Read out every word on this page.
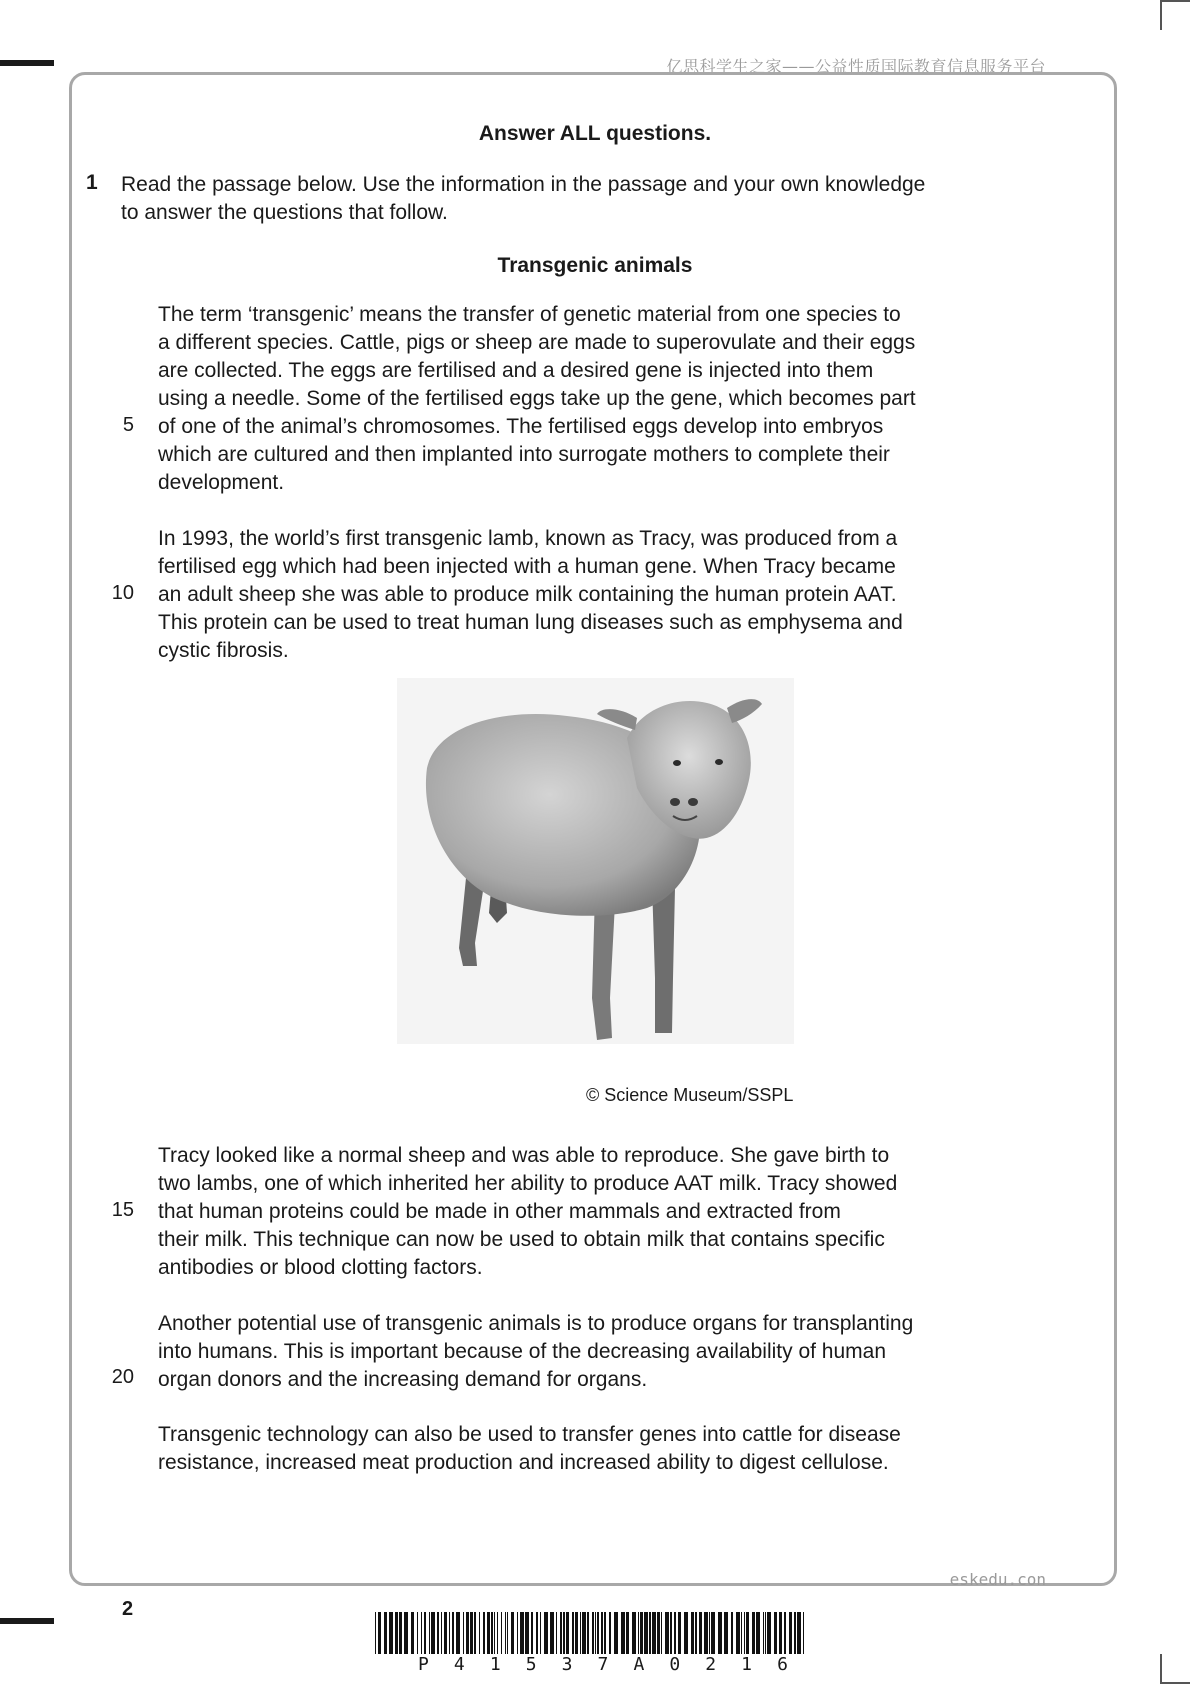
亿思科学生之家——公益性质国际教育信息服务平台
Answer ALL questions.
1 Read the passage below. Use the information in the passage and your own knowledge
to answer the questions that follow.
Transgenic animals
The term ‘transgenic’ means the transfer of genetic material from one species to
a different species. Cattle, pigs or sheep are made to superovulate and their eggs
are collected. The eggs are fertilised and a desired gene is injected into them
using a needle. Some of the fertilised eggs take up the gene, which becomes part
of one of the animal’s chromosomes. The fertilised eggs develop into embryos
which are cultured and then implanted into surrogate mothers to complete their
development.
5
In 1993, the world’s first transgenic lamb, known as Tracy, was produced from a
fertilised egg which had been injected with a human gene. When Tracy became
an adult sheep she was able to produce milk containing the human protein AAT.
This protein can be used to treat human lung diseases such as emphysema and
cystic fibrosis.
10
© Science Museum/SSPL
Tracy looked like a normal sheep and was able to reproduce. She gave birth to
two lambs, one of which inherited her ability to produce AAT milk. Tracy showed
that human proteins could be made in other mammals and extracted from
their milk. This technique can now be used to obtain milk that contains specific
antibodies or blood clotting factors.
15
Another potential use of transgenic animals is to produce organs for transplanting
into humans. This is important because of the decreasing availability of human
organ donors and the increasing demand for organs.
20
Transgenic technology can also be used to transfer genes into cattle for disease
resistance, increased meat production and increased ability to digest cellulose.
eskedu.con
2
P 4 1 5 3 7 A 0 2 1 6
